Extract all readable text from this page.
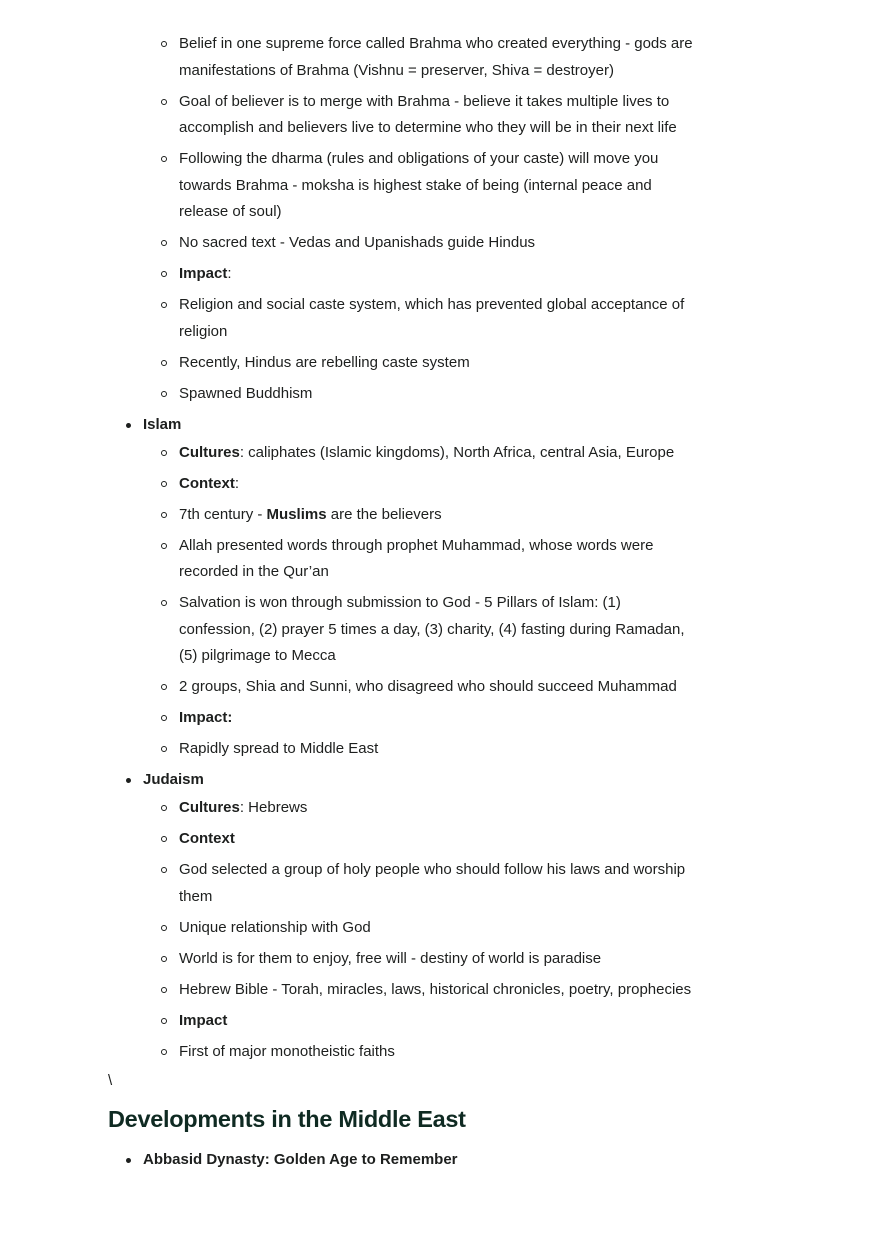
Belief in one supreme force called Brahma who created everything - gods are manifestations of Brahma (Vishnu = preserver, Shiva = destroyer)
Goal of believer is to merge with Brahma - believe it takes multiple lives to accomplish and believers live to determine who they will be in their next life
Following the dharma (rules and obligations of your caste) will move you towards Brahma - moksha is highest stake of being (internal peace and release of soul)
No sacred text - Vedas and Upanishads guide Hindus
Impact:
Religion and social caste system, which has prevented global acceptance of religion
Recently, Hindus are rebelling caste system
Spawned Buddhism
Islam
Cultures: caliphates (Islamic kingdoms), North Africa, central Asia, Europe
Context:
7th century - Muslims are the believers
Allah presented words through prophet Muhammad, whose words were recorded in the Qur’an
Salvation is won through submission to God - 5 Pillars of Islam: (1) confession, (2) prayer 5 times a day, (3) charity, (4) fasting during Ramadan, (5) pilgrimage to Mecca
2 groups, Shia and Sunni, who disagreed who should succeed Muhammad
Impact:
Rapidly spread to Middle East
Judaism
Cultures: Hebrews
Context
God selected a group of holy people who should follow his laws and worship them
Unique relationship with God
World is for them to enjoy, free will - destiny of world is paradise
Hebrew Bible - Torah, miracles, laws, historical chronicles, poetry, prophecies
Impact
First of major monotheistic faiths
\
Developments in the Middle East
Abbasid Dynasty: Golden Age to Remember
